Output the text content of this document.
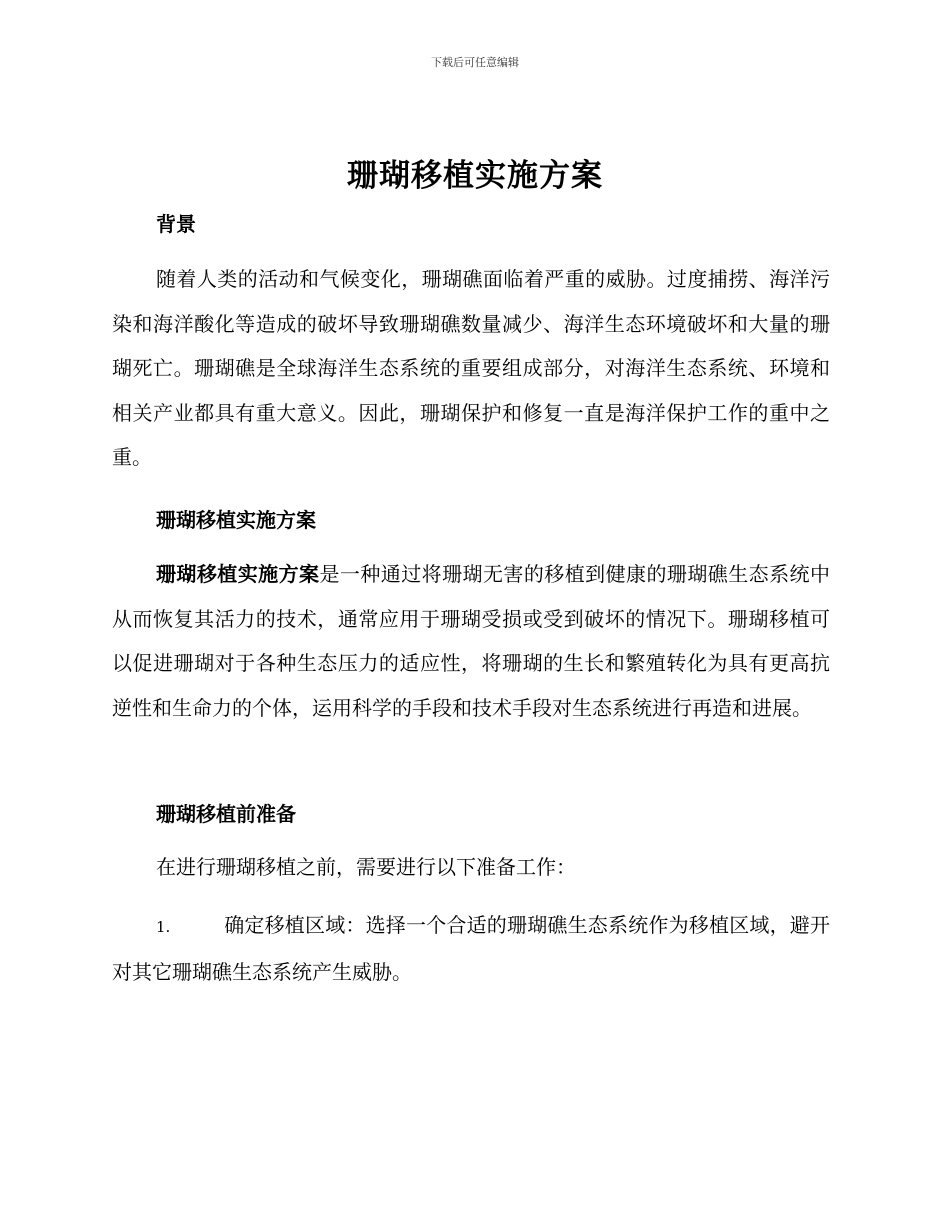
下载后可任意编辑
珊瑚移植实施方案
背景
随着人类的活动和气候变化，珊瑚礁面临着严重的威胁。过度捕捞、海洋污染和海洋酸化等造成的破坏导致珊瑚礁数量减少、海洋生态环境破坏和大量的珊瑚死亡。珊瑚礁是全球海洋生态系统的重要组成部分，对海洋生态系统、环境和相关产业都具有重大意义。因此，珊瑚保护和修复一直是海洋保护工作的重中之重。
珊瑚移植实施方案
珊瑚移植实施方案是一种通过将珊瑚无害的移植到健康的珊瑚礁生态系统中从而恢复其活力的技术，通常应用于珊瑚受损或受到破坏的情况下。珊瑚移植可以促进珊瑚对于各种生态压力的适应性，将珊瑚的生长和繁殖转化为具有更高抗逆性和生命力的个体，运用科学的手段和技术手段对生态系统进行再造和进展。
珊瑚移植前准备
在进行珊瑚移植之前，需要进行以下准备工作：
1.	确定移植区域：选择一个合适的珊瑚礁生态系统作为移植区域，避开对其它珊瑚礁生态系统产生威胁。
